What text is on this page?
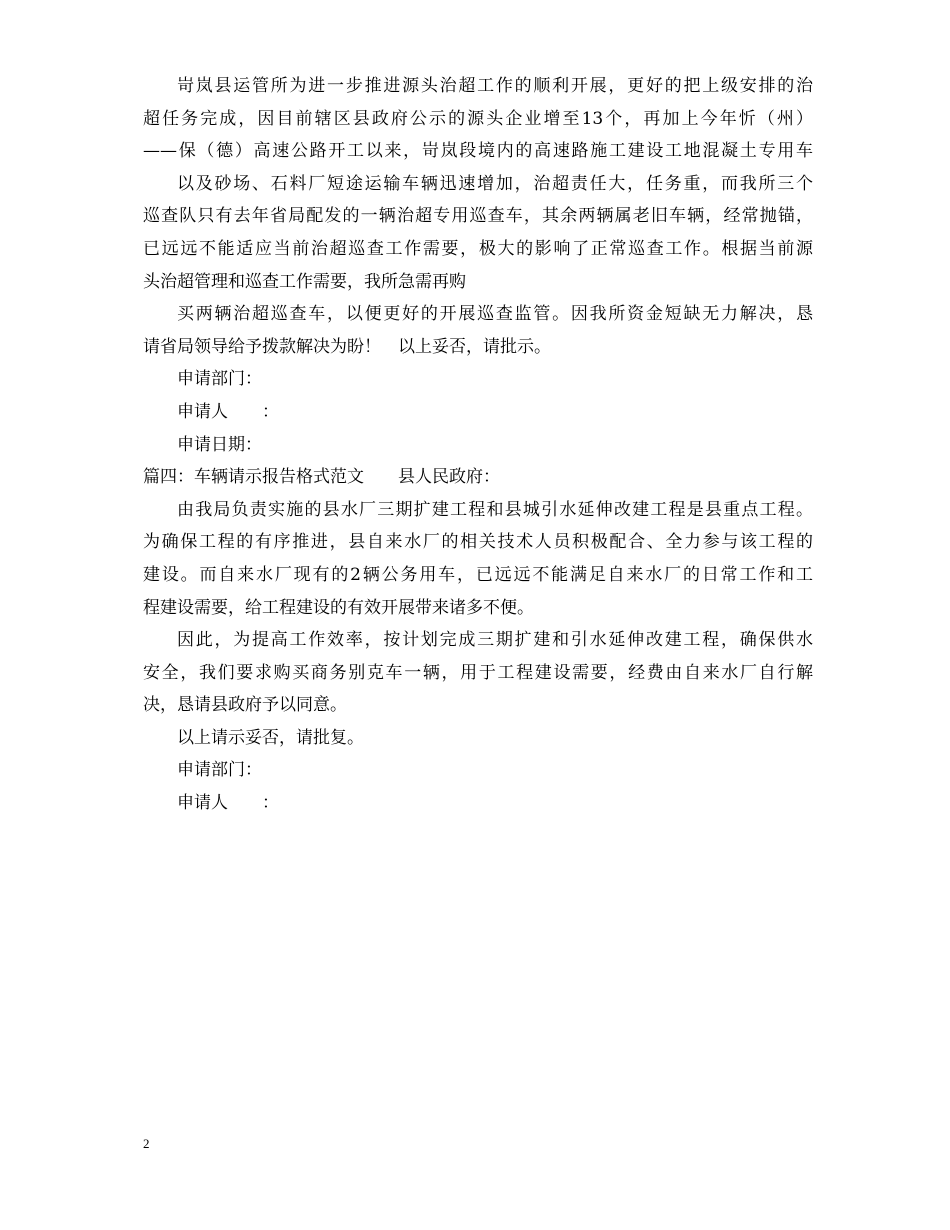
岢岚县运管所为进一步推进源头治超工作的顺利开展，更好的把上级安排的治
超任务完成，因目前辖区县政府公示的源头企业增至13个，再加上今年忻（州）
——保（德）高速公路开工以来，岢岚段境内的高速路施工建设工地混凝土专用车
以及砂场、石料厂短途运输车辆迅速增加，治超责任大，任务重，而我所三个
巡查队只有去年省局配发的一辆治超专用巡查车，其余两辆属老旧车辆，经常抛锚，
已远远不能适应当前治超巡查工作需要，极大的影响了正常巡查工作。根据当前源
头治超管理和巡查工作需要，我所急需再购
买两辆治超巡查车，以便更好的开展巡查监管。因我所资金短缺无力解决，恳
请省局领导给予拨款解决为盼！　以上妥否，请批示。
申请部门：
申请人　　：
申请日期：
篇四：车辆请示报告格式范文　　县人民政府：
由我局负责实施的县水厂三期扩建工程和县城引水延伸改建工程是县重点工程。
为确保工程的有序推进，县自来水厂的相关技术人员积极配合、全力参与该工程的
建设。而自来水厂现有的2辆公务用车，已远远不能满足自来水厂的日常工作和工
程建设需要，给工程建设的有效开展带来诸多不便。
因此，为提高工作效率，按计划完成三期扩建和引水延伸改建工程，确保供水
安全，我们要求购买商务别克车一辆，用于工程建设需要，经费由自来水厂自行解
决，恳请县政府予以同意。
以上请示妥否，请批复。
申请部门：
申请人　　：
2
